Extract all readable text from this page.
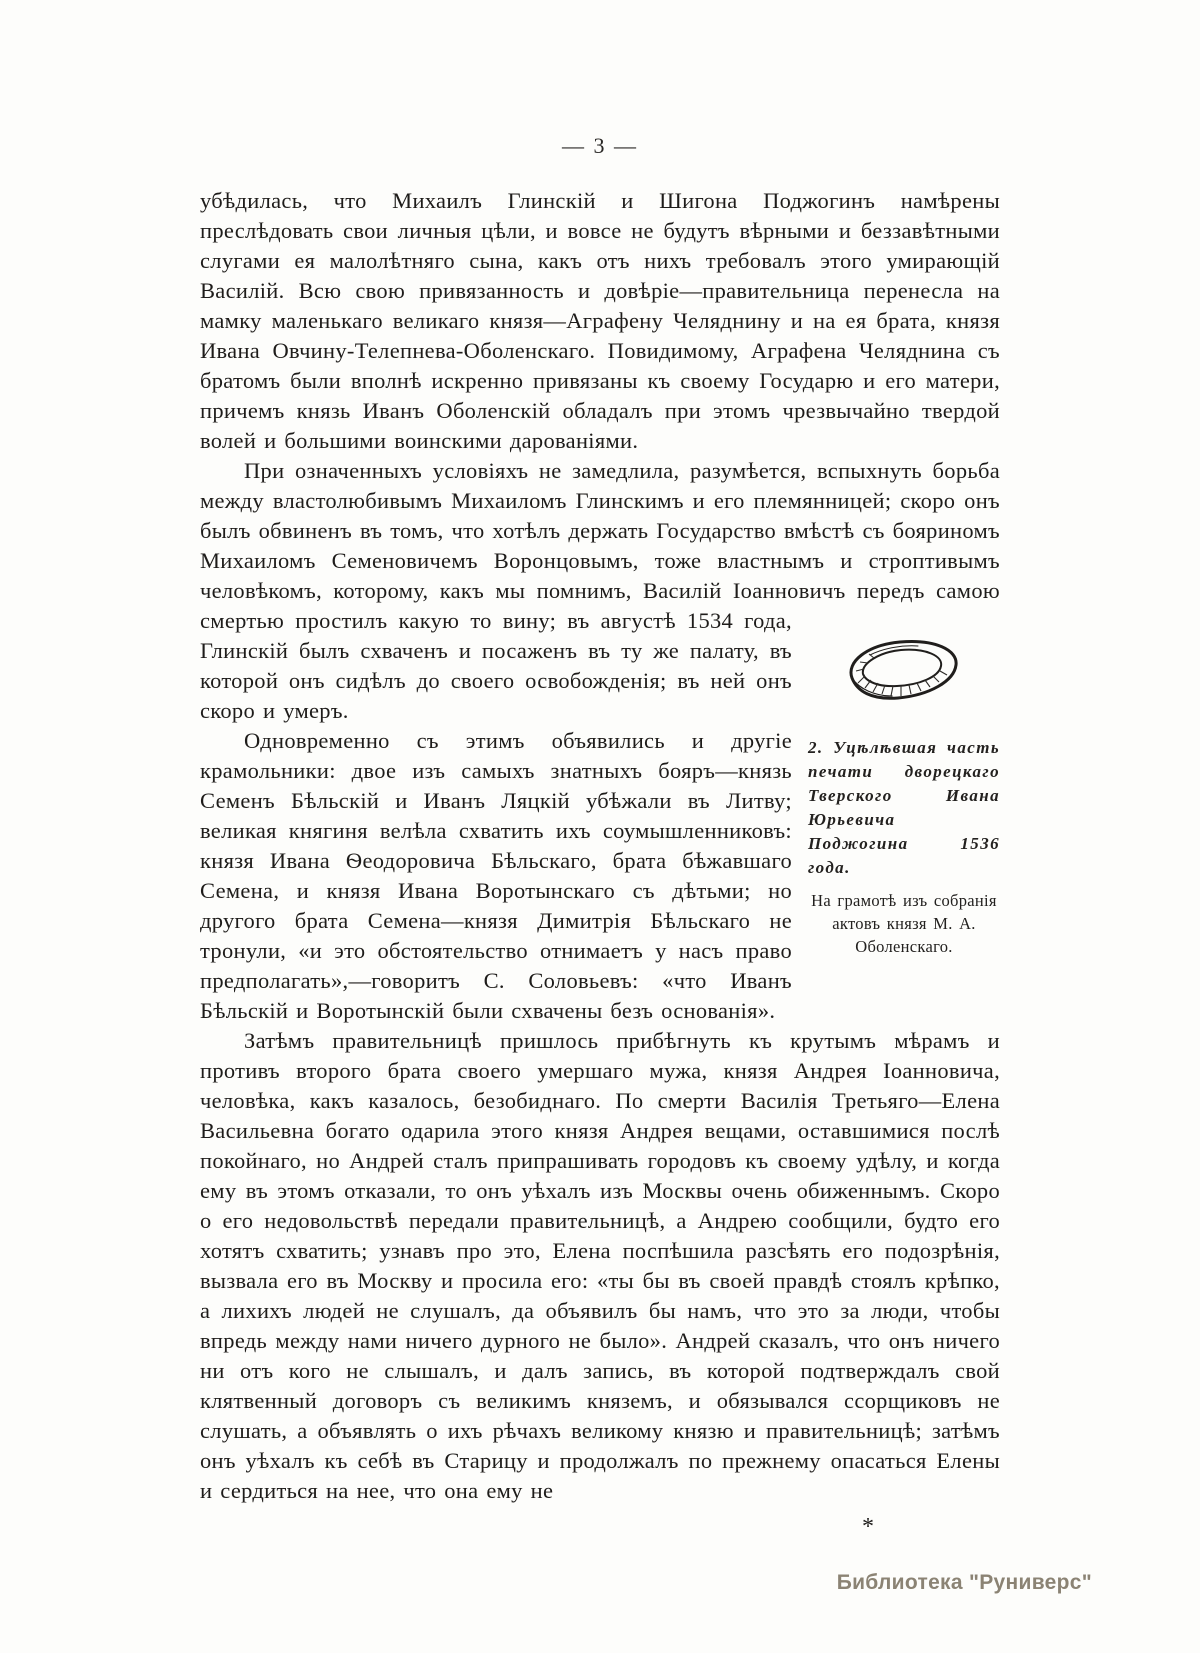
— 3 —

убѣдилась, что Михаилъ Глинскій и Шигона Поджогинъ намѣрены преслѣдовать свои личныя цѣли, и вовсе не будутъ вѣрными и беззавѣтными слугами ея малолѣтняго сына, какъ отъ нихъ требовалъ этого умирающій Василій. Всю свою привязанность и довѣріе—правительница перенесла на мамку маленькаго великаго князя—Аграфену Челяднину и на ея брата, князя Ивана Овчину-Телепнева-Оболенскаго. Повидимому, Аграфена Челяднина съ братомъ были вполнѣ искренно привязаны къ своему Государю и его матери, причемъ князь Иванъ Оболенскій обладалъ при этомъ чрезвычайно твердой волей и большими воинскими дарованіями.

При означенныхъ условіяхъ не замедлила, разумѣется, вспыхнуть борьба между властолюбивымъ Михаиломъ Глинскимъ и его племянницей; скоро онъ былъ обвиненъ въ томъ, что хотѣлъ держать Государство вмѣстѣ съ бояриномъ Михаиломъ Семеновичемъ Воронцовымъ, тоже властнымъ и строптивымъ человѣкомъ, которому, какъ мы помнимъ, Василій Іоанновичъ передъ самою смертью простилъ какую то вину;
2. Уцѣлѣвшая часть печати дворецкаго Тверского Ивана Юрьевича Поджогина 1536 года.
На грамотѣ изъ собранія актовъ князя М. А. Оболенскаго.
въ августѣ 1534 года, Глинскій былъ схваченъ и посаженъ въ ту же палату, въ которой онъ сидѣлъ до своего освобожденія; въ ней онъ скоро и умеръ.

Одновременно съ этимъ объявились и другіе крамольники: двое изъ самыхъ знатныхъ бояръ—князь Семенъ Бѣльскій и Иванъ Ляцкій убѣжали въ Литву; великая княгиня велѣла схватить ихъ соумышленниковъ: князя Ивана Ѳеодоровича Бѣльскаго, брата бѣжавшаго Семена, и князя Ивана Воротынскаго съ дѣтьми; но другого брата Семена—князя Димитрія Бѣльскаго не тронули, «и это обстоятельство отнимаетъ у насъ право предполагать»,—говоритъ С. Соловьевъ: «что Иванъ Бѣльскій и Воротынскій были схвачены безъ основанія».

Затѣмъ правительницѣ пришлось прибѣгнуть къ крутымъ мѣрамъ и противъ второго брата своего умершаго мужа, князя Андрея Іоанновича, человѣка, какъ казалось, безобиднаго. По смерти Василія Третьяго—Елена Васильевна богато одарила этого князя Андрея вещами, оставшимися послѣ покойнаго, но Андрей сталъ припрашивать городовъ къ своему удѣлу, и когда ему въ этомъ отказали, то онъ уѣхалъ изъ Москвы очень обиженнымъ. Скоро о его недовольствѣ передали правительницѣ, а Андрею сообщили, будто его хотятъ схватить; узнавъ про это, Елена поспѣшила разсѣять его подозрѣнія, вызвала его въ Москву и просила его: «ты бы въ своей правдѣ стоялъ крѣпко, а лихихъ людей не слушалъ, да объявилъ бы намъ, что это за люди, чтобы впредь между нами ничего дурного не было». Андрей сказалъ, что онъ ничего ни отъ кого не слышалъ, и далъ запись, въ которой подтверждалъ свой клятвенный договоръ съ великимъ княземъ, и обязывался ссорщиковъ не слушать, а объявлять о ихъ рѣчахъ великому князю и правительницѣ; затѣмъ онъ уѣхалъ къ себѣ въ Старицу и продолжалъ по прежнему опасаться Елены и сердиться на нее, что она ему не

*
Библиотека "Руниверс"
